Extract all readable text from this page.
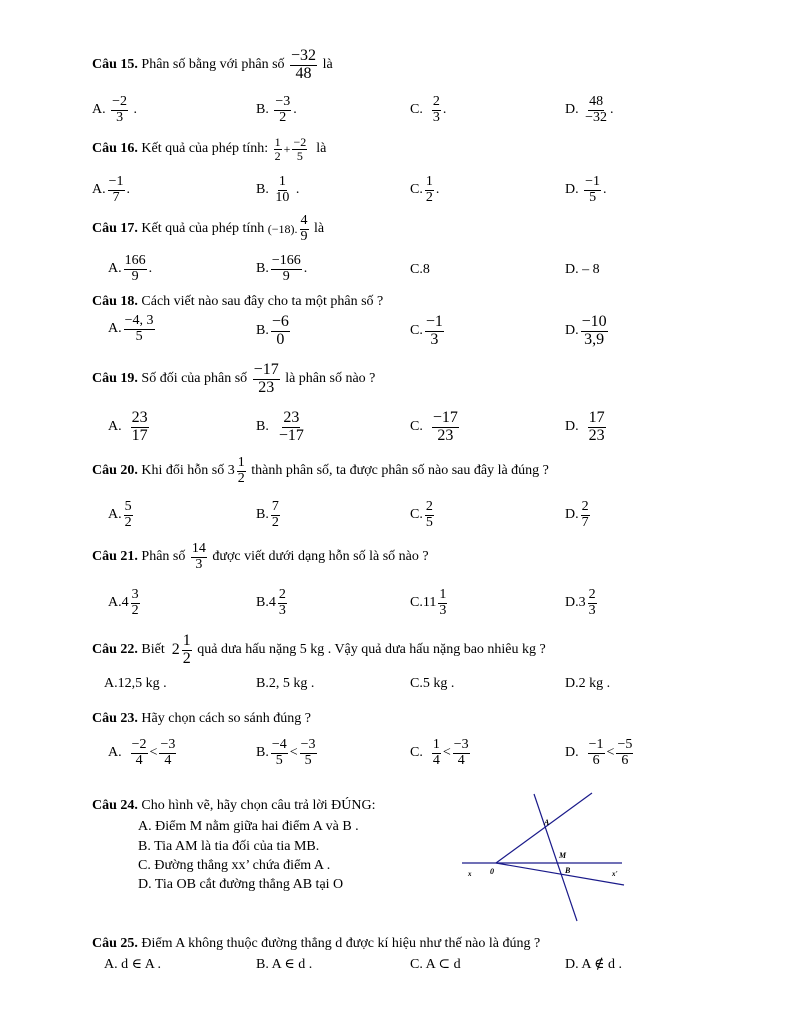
Câu 15.
Phân số bằng với phân số
$\frac{-32}{48}$
là
A.
$\frac{-2}{3}$
.	B.
$\frac{-3}{2}$ .	C.
$\frac{2}{3}$ .	D.
$\frac{48}{-32}$ .
Câu 16.
Kết quả của phép tính:
$\frac{1}{2} + \frac{-2}{5}$
là
A. $\frac{-1}{7}$ .	B.
$\frac{1}{10}$
.	C. $\frac{1}{2}$ .	D.
$\frac{-1}{5}$ .
Câu 17.
Kết quả của phép tính
(−18). $\frac{4}{9}$
là
A. $\frac{166}{9}$ .	B. $\frac{-166}{9}$ .	C.8	D. – 8
Câu 18. Cách viết nào sau đây cho ta một phân số ?
A. $\frac{-4, 3}{5}$	B. $\frac{-6}{0}$	C. $\frac{-1}{3}$	D. $\frac{-10}{3,9}$
Câu 19.
Số đối của phân số
$\frac{-17}{23}$
là phân số nào ?
A.
$\frac{23}{17}$	B.
$\frac{23}{-17}$	C.
$\frac{-17}{23}$	D.
$\frac{17}{23}$
Câu 20.
Khi đổi hỗn số
$3 \frac{1}{2}$
thành phân số, ta được phân số nào sau đây là đúng ?
A. $\frac{5}{2}$	B. $\frac{7}{2}$	C. $\frac{2}{5}$	D. $\frac{2}{7}$
Câu 21.
Phân số
$\frac{14}{3}$
được viết dưới dạng hỗn số là số nào ?
A. $4 \frac{3}{2}$	B. $4 \frac{2}{3}$	C. $11 \frac{1}{3}$	D. $3 \frac{2}{3}$
Câu 22.
Biết
$2 \frac{1}{2}$
quả dưa hấu nặng 5 kg . Vậy quả dưa hấu nặng bao nhiêu kg ?
A. 12,5 kg .	B. 2, 5 kg .	C. 5 kg .	D. 2 kg .
Câu 23. Hãy chọn cách so sánh đúng ?
A.
$\frac{-2}{4} < \frac{-3}{4}$	B. $\frac{-4}{5} < \frac{-3}{5}$	C.
$\frac{1}{4} < \frac{-3}{4}$	D.
$\frac{-1}{6} < \frac{-5}{6}$
Câu 24. Cho hình vẽ, hãy chọn câu trả lời ĐÚNG:
A. Điểm M nằm giữa hai điểm A và B .
B. Tia AM là tia đối của tia MB.
C. Đường thẳng xx’ chứa điểm A .
D. Tia OB cắt đường thẳng AB tại O
A
M
B
0
x	x'
Câu 25. Điểm A không thuộc đường thẳng d được kí hiệu như thế nào là đúng ?
A. d ∈ A .	B. A ∈ d .	C. A ⊂ d	D. A ∉ d .
